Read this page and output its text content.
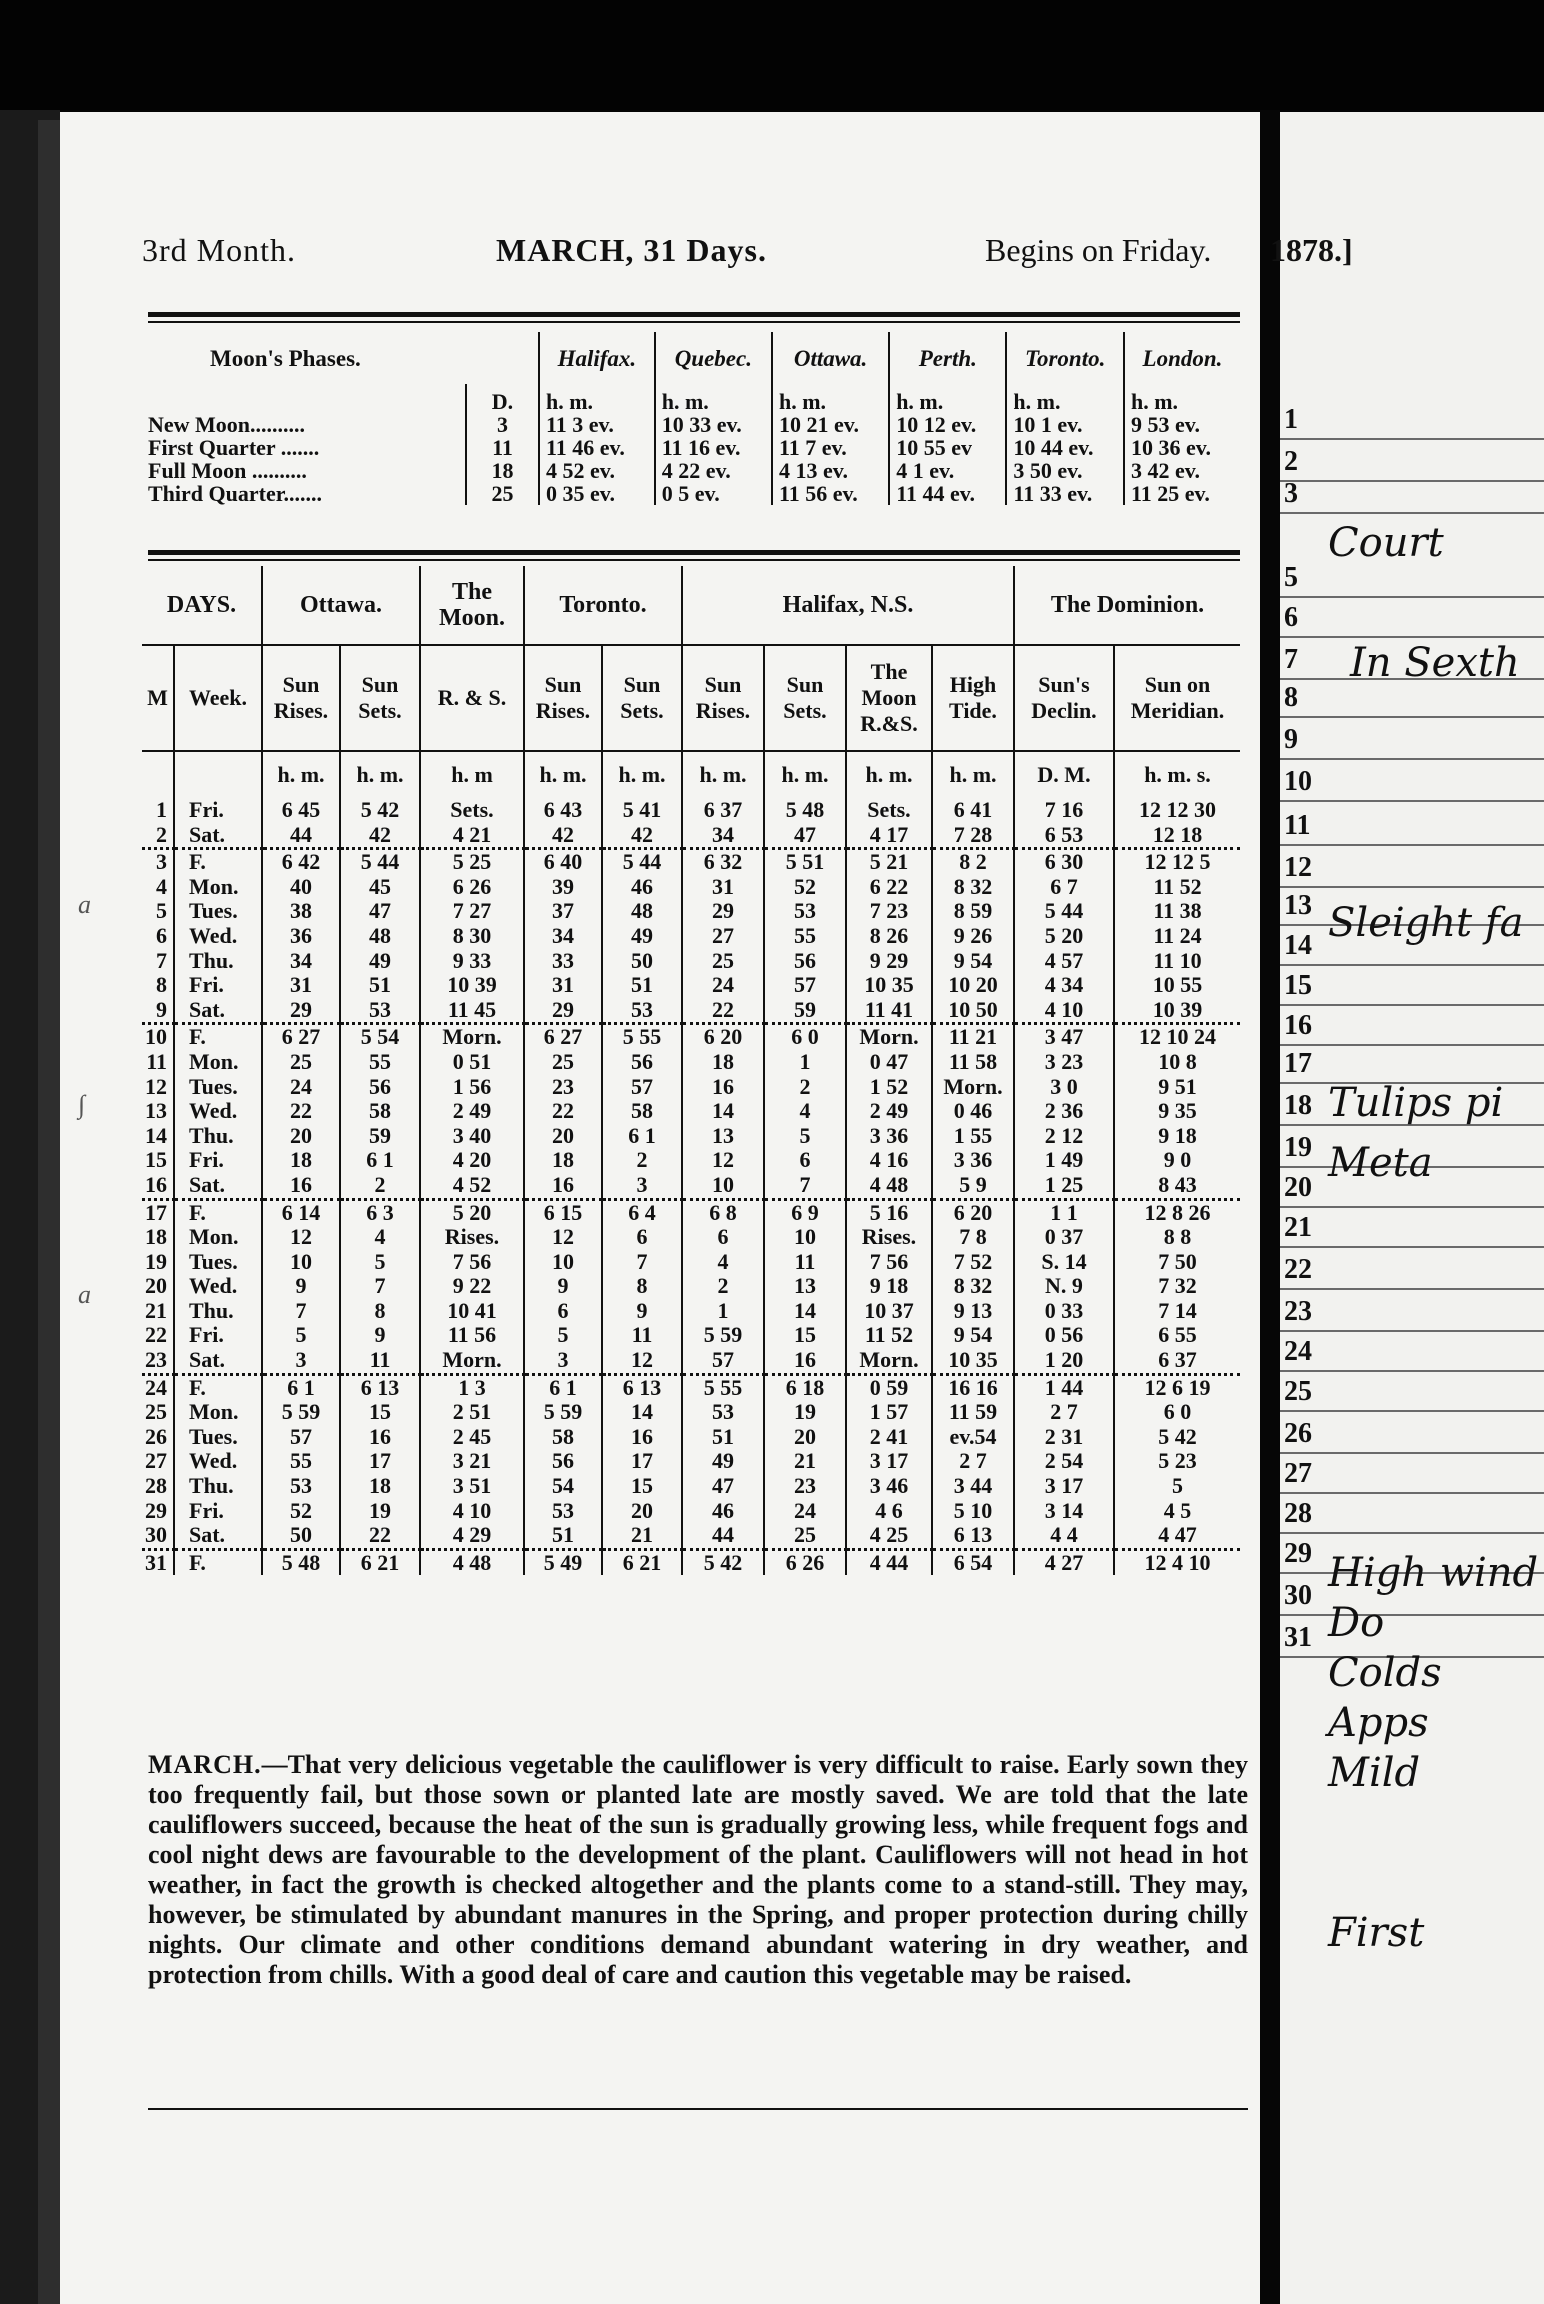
3rd Month.	MARCH, 31 Days.	Begins on Friday.
Moon's Phases.		Halifax.	Quebec.	Ottawa.	Perth.	Toronto.	London.
	D.	h. m.	h. m.	h. m.	h. m.	h. m.	h. m.
New Moon..........	3	11 3 ev.	10 33 ev.	10 21 ev.	10 12 ev.	10 1 ev.	9 53 ev.
First Quarter .......	11	11 46 ev.	11 16 ev.	11 7 ev.	10 55 ev	10 44 ev.	10 36 ev.
Full Moon ..........	18	4 52 ev.	4 22 ev.	4 13 ev.	4 1 ev.	3 50 ev.	3 42 ev.
Third Quarter.......	25	0 35 ev.	0 5 ev.	11 56 ev.	11 44 ev.	11 33 ev.	11 25 ev.
DAYS.		Ottawa.		The Moon.	Toronto.		Halifax, N.S.				The Dominion.	
M	Week.	Sun Rises.	Sun Sets.	R. & S.	Sun Rises.	Sun Sets.	Sun Rises.	Sun Sets.	The Moon R.&S.	High Tide.	Sun's Declin.	Sun on Meridian.
		h. m.	h. m.	h. m	h. m.	h. m.	h. m.	h. m.	h. m.	h. m.	D. M.	h. m. s.
1	Fri.	6 45	5 42	Sets.	6 43	5 41	6 37	5 48	Sets.	6 41	7 16	12 12 30
2	Sat.	44	42	4 21	42	42	34	47	4 17	7 28	6 53	12 18
3	F.	6 42	5 44	5 25	6 40	5 44	6 32	5 51	5 21	8 2	6 30	12 12 5
4	Mon.	40	45	6 26	39	46	31	52	6 22	8 32	6 7	11 52
5	Tues.	38	47	7 27	37	48	29	53	7 23	8 59	5 44	11 38
6	Wed.	36	48	8 30	34	49	27	55	8 26	9 26	5 20	11 24
7	Thu.	34	49	9 33	33	50	25	56	9 29	9 54	4 57	11 10
8	Fri.	31	51	10 39	31	51	24	57	10 35	10 20	4 34	10 55
9	Sat.	29	53	11 45	29	53	22	59	11 41	10 50	4 10	10 39
10	F.	6 27	5 54	Morn.	6 27	5 55	6 20	6 0	Morn.	11 21	3 47	12 10 24
11	Mon.	25	55	0 51	25	56	18	1	0 47	11 58	3 23	10 8
12	Tues.	24	56	1 56	23	57	16	2	1 52	Morn.	3 0	9 51
13	Wed.	22	58	2 49	22	58	14	4	2 49	0 46	2 36	9 35
14	Thu.	20	59	3 40	20	6 1	13	5	3 36	1 55	2 12	9 18
15	Fri.	18	6 1	4 20	18	2	12	6	4 16	3 36	1 49	9 0
16	Sat.	16	2	4 52	16	3	10	7	4 48	5 9	1 25	8 43
17	F.	6 14	6 3	5 20	6 15	6 4	6 8	6 9	5 16	6 20	1 1	12 8 26
18	Mon.	12	4	Rises.	12	6	6	10	Rises.	7 8	0 37	8 8
19	Tues.	10	5	7 56	10	7	4	11	7 56	7 52	S. 14	7 50
20	Wed.	9	7	9 22	9	8	2	13	9 18	8 32	N. 9	7 32
21	Thu.	7	8	10 41	6	9	1	14	10 37	9 13	0 33	7 14
22	Fri.	5	9	11 56	5	11	5 59	15	11 52	9 54	0 56	6 55
23	Sat.	3	11	Morn.	3	12	57	16	Morn.	10 35	1 20	6 37
24	F.	6 1	6 13	1 3	6 1	6 13	5 55	6 18	0 59	16 16	1 44	12 6 19
25	Mon.	5 59	15	2 51	5 59	14	53	19	1 57	11 59	2 7	6 0
26	Tues.	57	16	2 45	58	16	51	20	2 41	ev.54	2 31	5 42
27	Wed.	55	17	3 21	56	17	49	21	3 17	2 7	2 54	5 23
28	Thu.	53	18	3 51	54	15	47	23	3 46	3 44	3 17	5
29	Fri.	52	19	4 10	53	20	46	24	4 6	5 10	3 14	4 5
30	Sat.	50	22	4 29	51	21	44	25	4 25	6 13	4 4	4 47
31	F.	5 48	6 21	4 48	5 49	6 21	5 42	6 26	4 44	6 54	4 27	12 4 10
MARCH.—That very delicious vegetable the cauliflower is very difficult to raise. Early sown they too frequently fail, but those sown or planted late are mostly saved. We are told that the late cauliflowers succeed, because the heat of the sun is gradually growing less, while frequent fogs and cool night dews are favourable to the development of the plant. Cauliflowers will not head in hot weather, in fact the growth is checked altogether and the plants come to a stand-still. They may, however, be stimulated by abundant manures in the Spring, and proper protection during chilly nights. Our climate and other conditions demand abundant watering in dry weather, and protection from chills. With a good deal of care and caution this vegetable may be raised.
a
∫
a
1
2
3
5
6
7
8
9
10
11
12
13
14
15
16
17
18
19
20
21
22
23
24
25
26
27
28
29
30
31
Court
In Sexth
Sleight fa
Tulips pi
Meta
High wind
Do
Colds
Apps
Mild
First
1878.]
